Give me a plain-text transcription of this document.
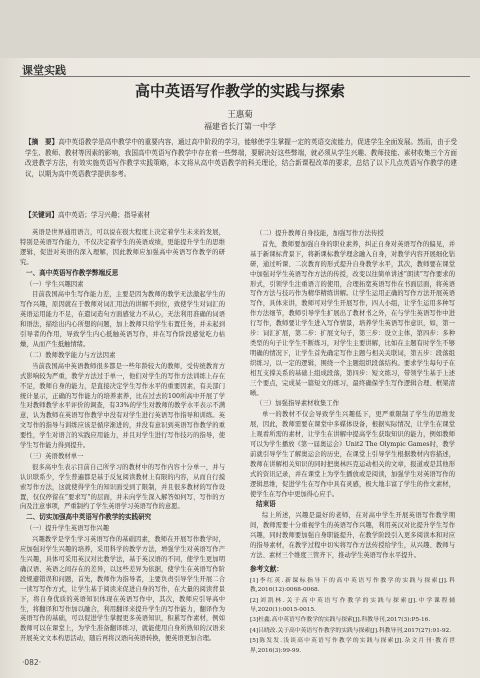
课堂实践
高中英语写作教学的实践与探索
王惠菊
福建省长汀第一中学
【摘　要】高中英语教学是高中教学中的重要内容，通过高中阶段的学习，能够使学生掌握一定的英语交流能力，促进学生全面发展。然而，由于受学生、教师、教材等因素的影响，我国高中英语写作教学中存在着一些弊端，要解决好这些弊端，就必须从学生兴趣、教师技能、素材收集三个方面改进教学方法，有效实施英语写作教学实践策略，本文将从高中英语教学的科关理论，结合新课程改革的要求，总结了以下几点英语写作教学的建议，以期为高中英语教学提供参考。
【关键词】高中英语；学习兴趣；指导素材

英语是世界通用语言，可以说在很大程度上决定着学生未来的发展，特别是英语写作能力，不仅决定着学生的英语成绩，更能提升学生的思维逻辑，促进对英语的深入理解，因此教师应加强高中英语写作教学的研究。

一、高中英语写作教学弊端反思
（一）学生兴趣因素

目前我国高中生写作能力差，主要是因为教师的教学无法激起学生的写作兴趣，原因就在于教师对词汇用法的讲解不到位，致使学生对词汇的英语运用能力不足，在遣词造句方面感觉力不从心，无法利用准确的词语和语法，描绘出内心所想的问题，加上教师只给学生布置任务，并未起到引导者的作用，导致学生内心抵触英语写作，并在写作阶段感觉吃力枯燥，从而产生抵触情绪。

（二）教师教学能力与方法因素

当前我国高中英语教师很多都是一些年龄较大的教师，受传统教育方式影响较为严重，教学方法过于单一，他们对学生的写作方法训练上存在不足，教师自身的能力，是直接决定学生写作水平的重要因素，有关部门统计显示，正确的写作能力的培养素养，比在过去的100所高中开展了学生对教师教学水平评价的调查，有33%的学生对教师的教学水平表示不满意，认为教师在英语写作教学中没有对学生进行英语写作指导和训练。英文写作的指导与训练应该是循序渐进的，并没有意识到英语写作教学的重要性，学生对语言的实践应用能力，并且对学生进行写作技巧的指导，使学生写作能力得到提升。

（三）英语教材单一

很多高中生表示目前自己所学习的教材中的写作内容十分单一，并与认识联系少，学生普遍都是基于反复阅读教材上有限的内容，从而自行摸索写作方法，这就使得学生的知识面受到了限制，并且很多教材的写作设置，仅仅停留在“要求写”的层面，并未向学生深入解答如何写，写作的方向及注意事项，严重制约了学生英语学习英语写作的意愿。

二、切实加强高中英语写作教学的实践研究
（一）提升学生英语写作兴趣

兴趣教学是学生学习英语写作的基础因素，教师在开展写作教学时，应加强对学生兴趣的培养，采用科学的教学方法，增强学生对英语写作产生兴趣，具体可采用英汉对比教学法，基于英汉语的不同，使学生更加明确汉语、英语之间存在的差异，以这些差异为依据，使学生在英语写作阶段规避错误和问题，首先，教师作为指导者，主要负责引导学生开展二合一读写写作方式，让学生基于阅读来促进自身的写作，在大量的阅读背景下，将自身优质的英语知识体现在英语写作中，其次，教师应引导高中生，将翻译和写作加以融合，利用翻译来提升学生的写作能力，翻译作为英语写作的基础，可以促进学生掌握更多英语知识，积累写作素材，例如教师可以在课堂上，为学生准备翻译练习，就能使用自身所熟知的汉语来开展英文文本构思活动，随后再将汉语向英语转换，便英语更加合理。

（二）提升教师自身技能，加强写作方法传授

首先，教师要加强自身的职业素养，纠正自身对英语写作的偏见，并基于新课标背景下，将新课标教学理念融入自身，对教学内容开展细化钻研，通过听课、二次教育的形式提升自身教学水平，其次，教师要在课堂中加强对学生英语写作方法的传授，改变以往简单讲述“朗读”写作要求的形式，引领学生注重语言的使用，合理拓宽英语写作在书面层面，将英语写作方法与技巧作为精华精练讲解。让学生运用正确的写作方法开展英语写作，具体来讲，教师可对学生开展写作，四人小组，让学生运用多种写作方法细节，教师引导学生扩展出了教材书之外，在与学生英语写作中进行写作，教师要让学生进入写作情景，培养学生英语写作意识，如，第一步：词汇扩展，第二步：扩展文句子，第三步：设立主体，第四步：多种类型的句子让学生不断练习，对学生主要讲解，比如在主题有时学生不够明确的情况下，让学生首先确定写作主题与相关关联词，第五步：段落组织练习，以一定的逻辑，围绕一个主题组织段落结构。要求学生每句子在相互支撑关系的基础上组成段落，第四步：短文练习，带领学生基于上述三个要点，完成某一篇短文的练习，最终确保学生写作逻辑合理、框架清晰。

（三）加强指导素材收集工作

单一的教材不仅会导致学生兴趣低下，更严重限制了学生的思维发展，因此，教师需要在课堂中多媒体设备，根据实际情况，让学生在课堂上观看所需的素材，让学生在讲解中提高学生获取知识的能力，例如教师可以为学生播放《第一届奥运会》Unit2 The Olympic Games时，教学前就引导学生了解奥运会的历史，在课堂上引导学生根据教材内容描述，教师在讲解相关知识的同时把奥林匹克运动相关的文章，报道或是其他形式的资讯记录，并在课堂上为学生播放或是阅读，加强学生对英语写作的逻辑思维，促进学生在写作中具有灵感，极大地丰富了学生的作文素材，使学生在写作中更加得心应手。

结束语

综上所述，兴趣是最好的老师，在对高中学生开展英语写作教学期间，教师需要十分重视学生的英语写作兴趣，利用英汉对比提升学生写作兴趣，同时教师要加强自身职能提升，在教学阶段引入更多阅读本和对应的指导素材，在教学过程中切实将写作方法传授给学生，从兴趣、教师与方法、素材三个维度三管齐下，推动学生英语写作水平提升。

参考文献：
[1]李红英.新课标指导下的高中英语写作教学的实践与探索[J].科教,2016(12):0068-0068.
[2]刘凯林.关于高中英语写作教学的实践与探索[J].中学课程辅导,2020(1):0015-0015.
[3]杜鑫.高中英语写作教学的实践与探索[J].科教导刊,2017(3):P5-16.
[4]吕晓改.关于高中英语写作教学的实践与探索[J].科教导刊,2017(27):91-92.
[5]陈发发.浅谈高中英语写作教学的实践与探索[J].杂文月刊·教育世界,2016(3):99-99.
·082·
